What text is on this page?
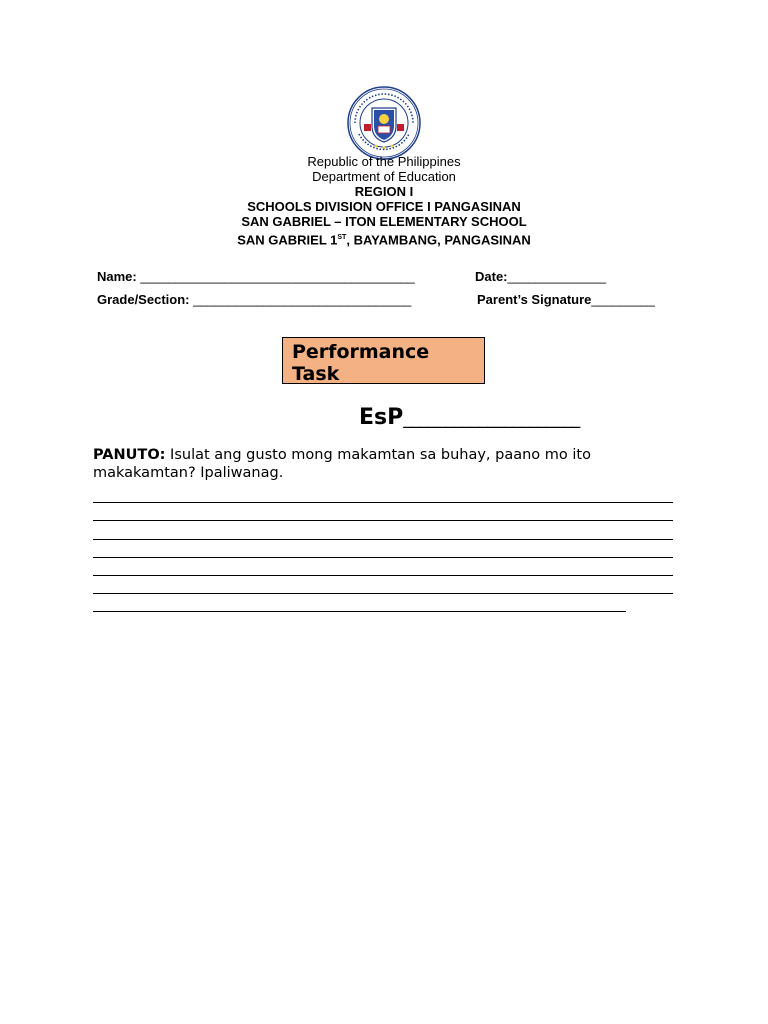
Republic of the Philippines
Department of Education
REGION I
SCHOOLS DIVISION OFFICE I PANGASINAN
SAN GABRIEL – ITON ELEMENTARY SCHOOL
SAN GABRIEL 1ST, BAYAMBANG, PANGASINAN
Name: _______________________________________	Date:______________
Grade/Section: _______________________________	Parent’s Signature_________
Performance Task
EsP_____________________
PANUTO: Isulat ang gusto mong makamtan sa buhay, paano mo ito makakamtan? Ipaliwanag.
